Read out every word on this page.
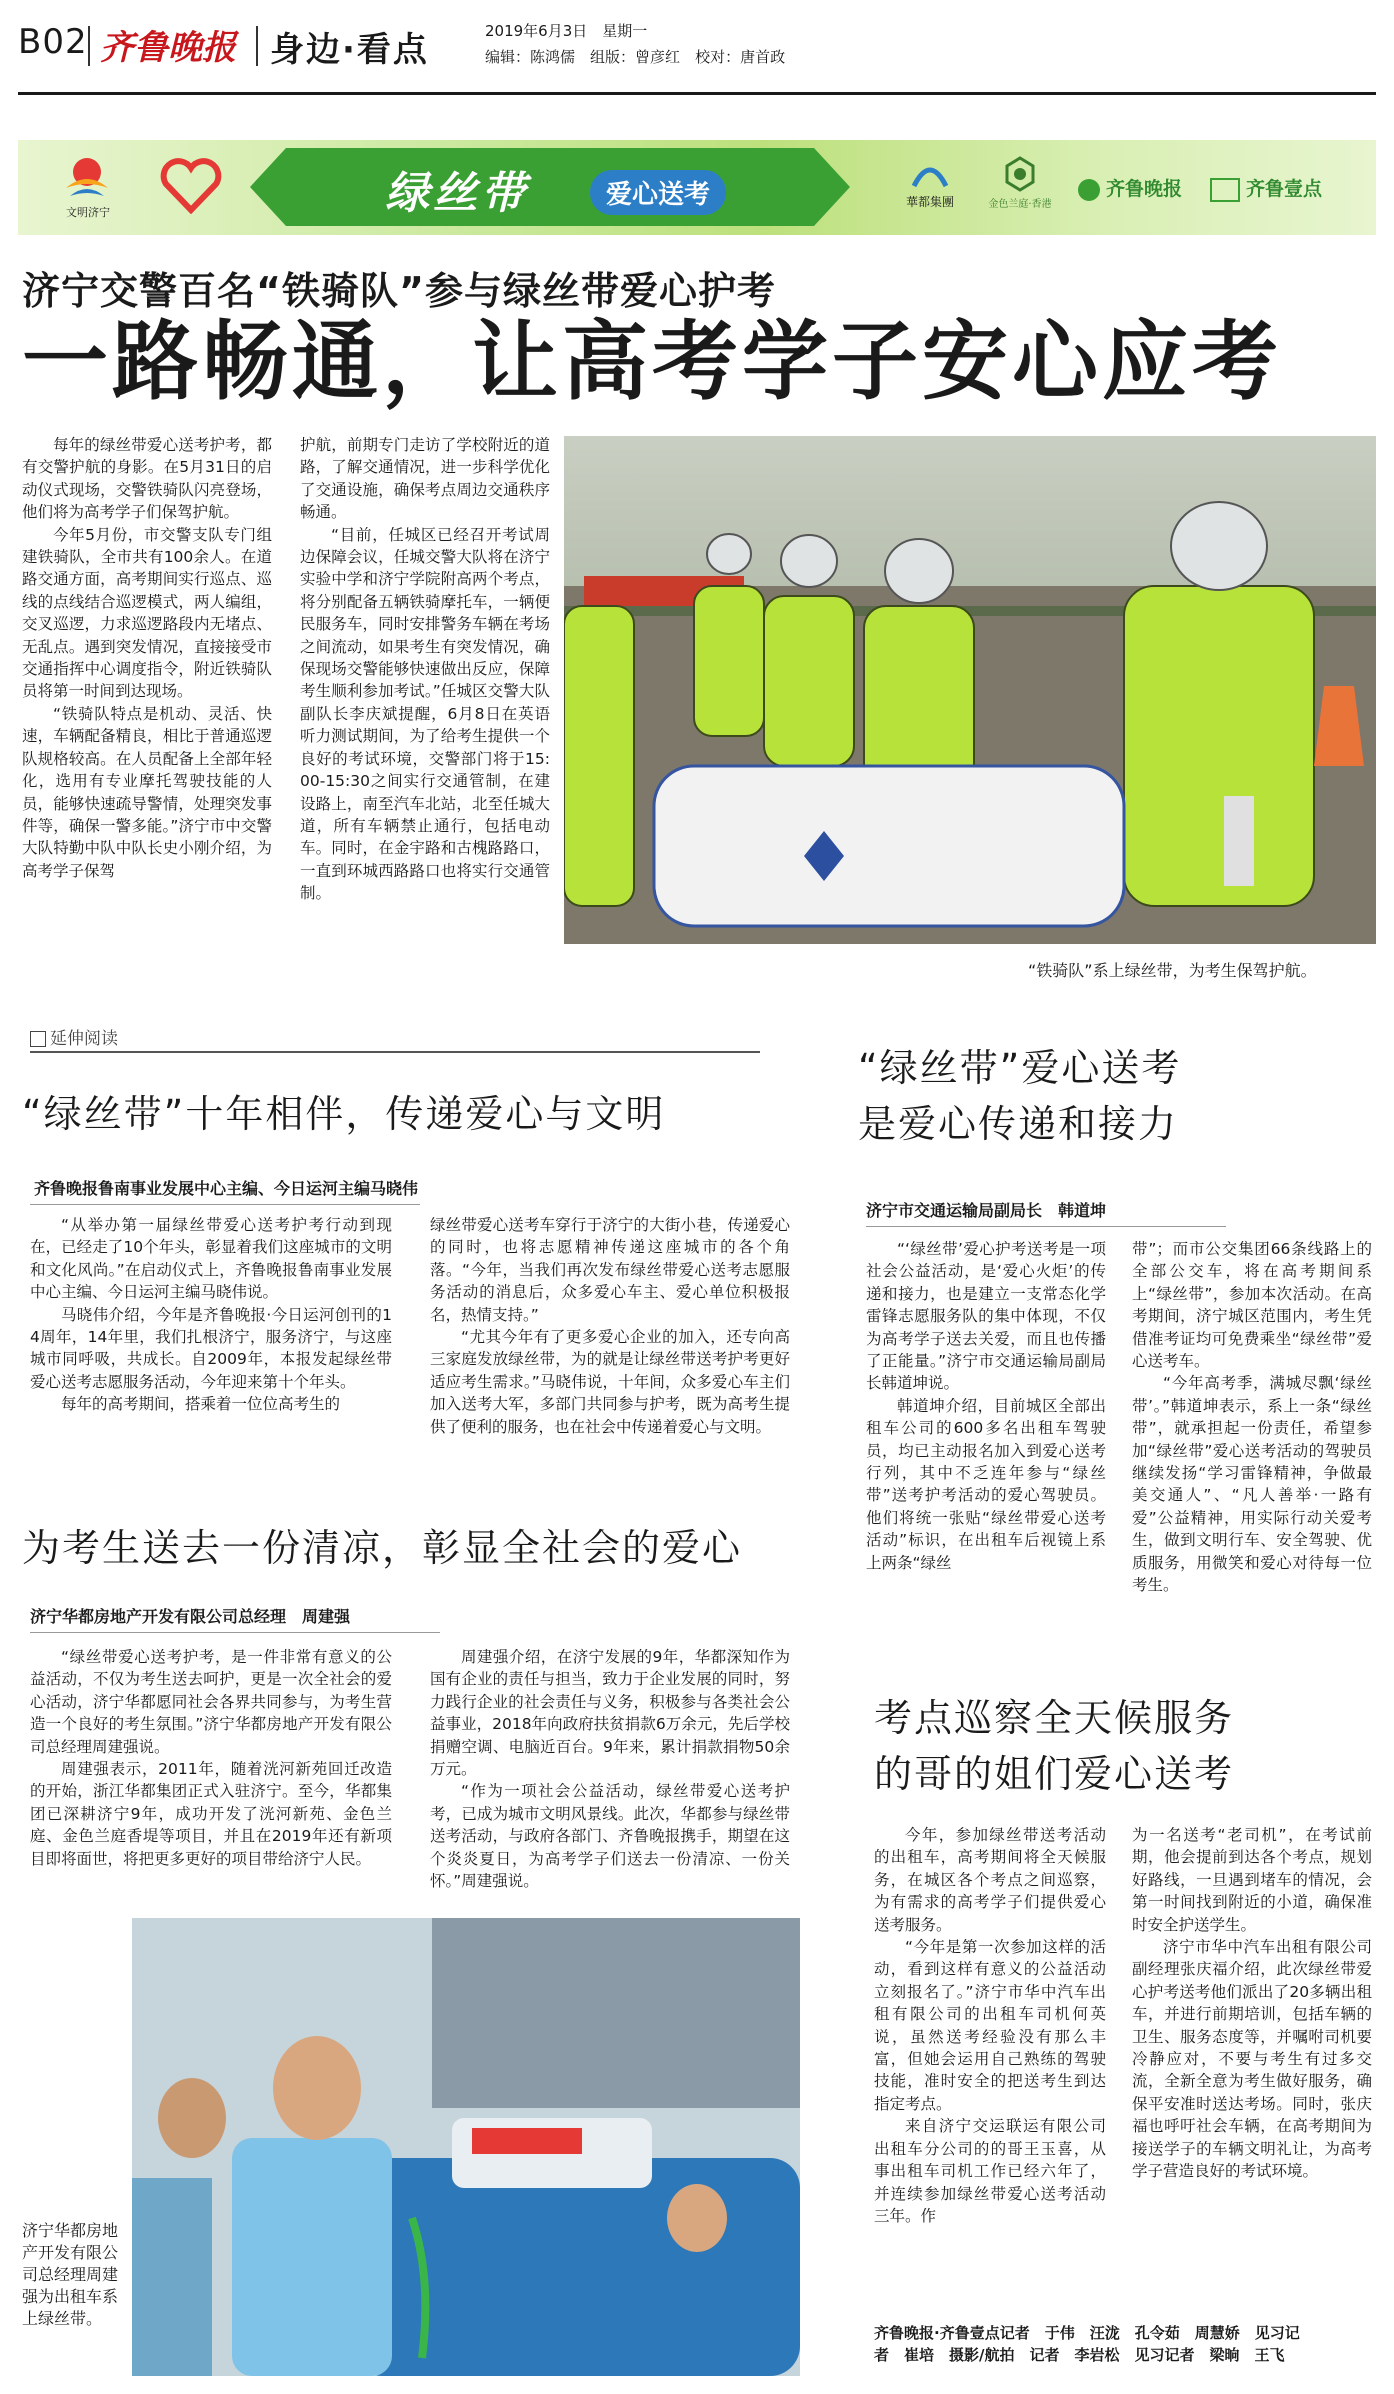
B02 齐鲁晚报 身边·看点	2019年6月3日　 星期一
编辑：陈鸿儒　 组版：曾彦红　 校对：唐首政
文明济宁	绿丝带	爱心送考	華都集團	金色兰庭·香港
齐鲁晚报	齐鲁壹点
济宁交警百名“铁骑队”参与绿丝带爱心护考
一路畅通，让高考学子安心应考

每年的绿丝带爱心送考护考，都有交警护航的身影。在5月31日的启动仪式现场，交警铁骑队闪亮登场，他们将为高考学子们保驾护航。

今年5月份，市交警支队专门组建铁骑队，全市共有100余人。在道路交通方面，高考期间实行巡点、巡线的点线结合巡逻模式，两人编组，交叉巡逻，力求巡逻路段内无堵点、无乱点。遇到突发情况，直接接受市交通指挥中心调度指令，附近铁骑队员将第一时间到达现场。

“铁骑队特点是机动、灵活、快速，车辆配备精良，相比于普通巡逻队规格较高。在人员配备上全部年轻化，选用有专业摩托驾驶技能的人员，能够快速疏导警情，处理突发事件等，确保一警多能。”济宁市中交警大队特勤中队中队长史小刚介绍，为高考学子保驾

护航，前期专门走访了学校附近的道路，了解交通情况，进一步科学优化了交通设施，确保考点周边交通秩序畅通。

“目前，任城区已经召开考试周边保障会议，任城交警大队将在济宁实验中学和济宁学院附高两个考点，将分别配备五辆铁骑摩托车，一辆便民服务车，同时安排警务车辆在考场之间流动，如果考生有突发情况，确保现场交警能够快速做出反应，保障考生顺利参加考试。”任城区交警大队副队长李庆斌提醒，6月8日在英语听力测试期间，为了给考生提供一个良好的考试环境，交警部门将于15:00-15:30之间实行交通管制，在建设路上，南至汽车北站，北至任城大道，所有车辆禁止通行，包括电动车。同时，在金宇路和古槐路路口，一直到环城西路路口也将实行交通管制。

“铁骑队”系上绿丝带，为考生保驾护航。
延伸阅读
“绿丝带”十年相伴，传递爱心与文明
齐鲁晚报鲁南事业发展中心主编、今日运河主编马晓伟

“从举办第一届绿丝带爱心送考护考行动到现在，已经走了10个年头，彰显着我们这座城市的文明和文化风尚。”在启动仪式上，齐鲁晚报鲁南事业发展中心主编、今日运河主编马晓伟说。

马晓伟介绍，今年是齐鲁晚报·今日运河创刊的14周年，14年里，我们扎根济宁，服务济宁，与这座城市同呼吸，共成长。自2009年，本报发起绿丝带爱心送考志愿服务活动，今年迎来第十个年头。

每年的高考期间，搭乘着一位位高考生的

绿丝带爱心送考车穿行于济宁的大街小巷，传递爱心的同时，也将志愿精神传递这座城市的各个角落。“今年，当我们再次发布绿丝带爱心送考志愿服务活动的消息后，众多爱心车主、爱心单位积极报名，热情支持。”

“尤其今年有了更多爱心企业的加入，还专向高三家庭发放绿丝带，为的就是让绿丝带送考护考更好适应考生需求。”马晓伟说，十年间，众多爱心车主们加入送考大军，多部门共同参与护考，既为高考生提供了便利的服务，也在社会中传递着爱心与文明。

为考生送去一份清凉，彰显全社会的爱心
济宁华都房地产开发有限公司总经理　周建强

“绿丝带爱心送考护考，是一件非常有意义的公益活动，不仅为考生送去呵护，更是一次全社会的爱心活动，济宁华都愿同社会各界共同参与，为考生营造一个良好的考生氛围。”济宁华都房地产开发有限公司总经理周建强说。

周建强表示，2011年，随着洸河新苑回迁改造的开始，浙江华都集团正式入驻济宁。至今，华都集团已深耕济宁9年，成功开发了洸河新苑、金色兰庭、金色兰庭香堤等项目，并且在2019年还有新项目即将面世，将把更多更好的项目带给济宁人民。

周建强介绍，在济宁发展的9年，华都深知作为国有企业的责任与担当，致力于企业发展的同时，努力践行企业的社会责任与义务，积极参与各类社会公益事业，2018年向政府扶贫捐款6万余元，先后学校捐赠空调、电脑近百台。9年来，累计捐款捐物50余万元。

“作为一项社会公益活动，绿丝带爱心送考护考，已成为城市文明风景线。此次，华都参与绿丝带送考活动，与政府各部门、齐鲁晚报携手，期望在这个炎炎夏日，为高考学子们送去一份清凉、一份关怀。”周建强说。

济宁华都房地产开发有限公司总经理周建强为出租车系上绿丝带。
“绿丝带”爱心送考
是爱心传递和接力
济宁市交通运输局副局长　韩道坤

“‘绿丝带’爱心护考送考是一项社会公益活动，是‘爱心火炬’的传递和接力，也是建立一支常态化学雷锋志愿服务队的集中体现，不仅为高考学子送去关爱，而且也传播了正能量。”济宁市交通运输局副局长韩道坤说。

韩道坤介绍，目前城区全部出租车公司的600多名出租车驾驶员，均已主动报名加入到爱心送考行列，其中不乏连年参与“绿丝带”送考护考活动的爱心驾驶员。他们将统一张贴“绿丝带爱心送考活动”标识，在出租车后视镜上系上两条“绿丝

带”；而市公交集团66条线路上的全部公交车，将在高考期间系上“绿丝带”，参加本次活动。在高考期间，济宁城区范围内，考生凭借准考证均可免费乘坐“绿丝带”爱心送考车。

“今年高考季，满城尽飘‘绿丝带’。”韩道坤表示，系上一条“绿丝带”，就承担起一份责任，希望参加“绿丝带”爱心送考活动的驾驶员继续发扬“学习雷锋精神，争做最美交通人”、“凡人善举·一路有爱”公益精神，用实际行动关爱考生，做到文明行车、安全驾驶、优质服务，用微笑和爱心对待每一位考生。

考点巡察全天候服务
的哥的姐们爱心送考

今年，参加绿丝带送考活动的出租车，高考期间将全天候服务，在城区各个考点之间巡察，为有需求的高考学子们提供爱心送考服务。

“今年是第一次参加这样的活动，看到这样有意义的公益活动立刻报名了。”济宁市华中汽车出租有限公司的出租车司机何英说，虽然送考经验没有那么丰富，但她会运用自己熟练的驾驶技能，准时安全的把送考生到达指定考点。

来自济宁交运联运有限公司出租车分公司的的哥王玉喜，从事出租车司机工作已经六年了，并连续参加绿丝带爱心送考活动三年。作

为一名送考“老司机”，在考试前期，他会提前到达各个考点，规划好路线，一旦遇到堵车的情况，会第一时间找到附近的小道，确保准时安全护送学生。

济宁市华中汽车出租有限公司副经理张庆福介绍，此次绿丝带爱心护考送考他们派出了20多辆出租车，并进行前期培训，包括车辆的卫生、服务态度等，并嘱咐司机要冷静应对，不要与考生有过多交流，全新全意为考生做好服务，确保平安准时送达考场。同时，张庆福也呼吁社会车辆，在高考期间为接送学子的车辆文明礼让，为高考学子营造良好的考试环境。

齐鲁晚报·齐鲁壹点记者　于伟　汪泷　孔令茹　周慧娇　见习记
者　崔培　摄影/航拍　记者　李岩松　见习记者　梁晌　王飞
